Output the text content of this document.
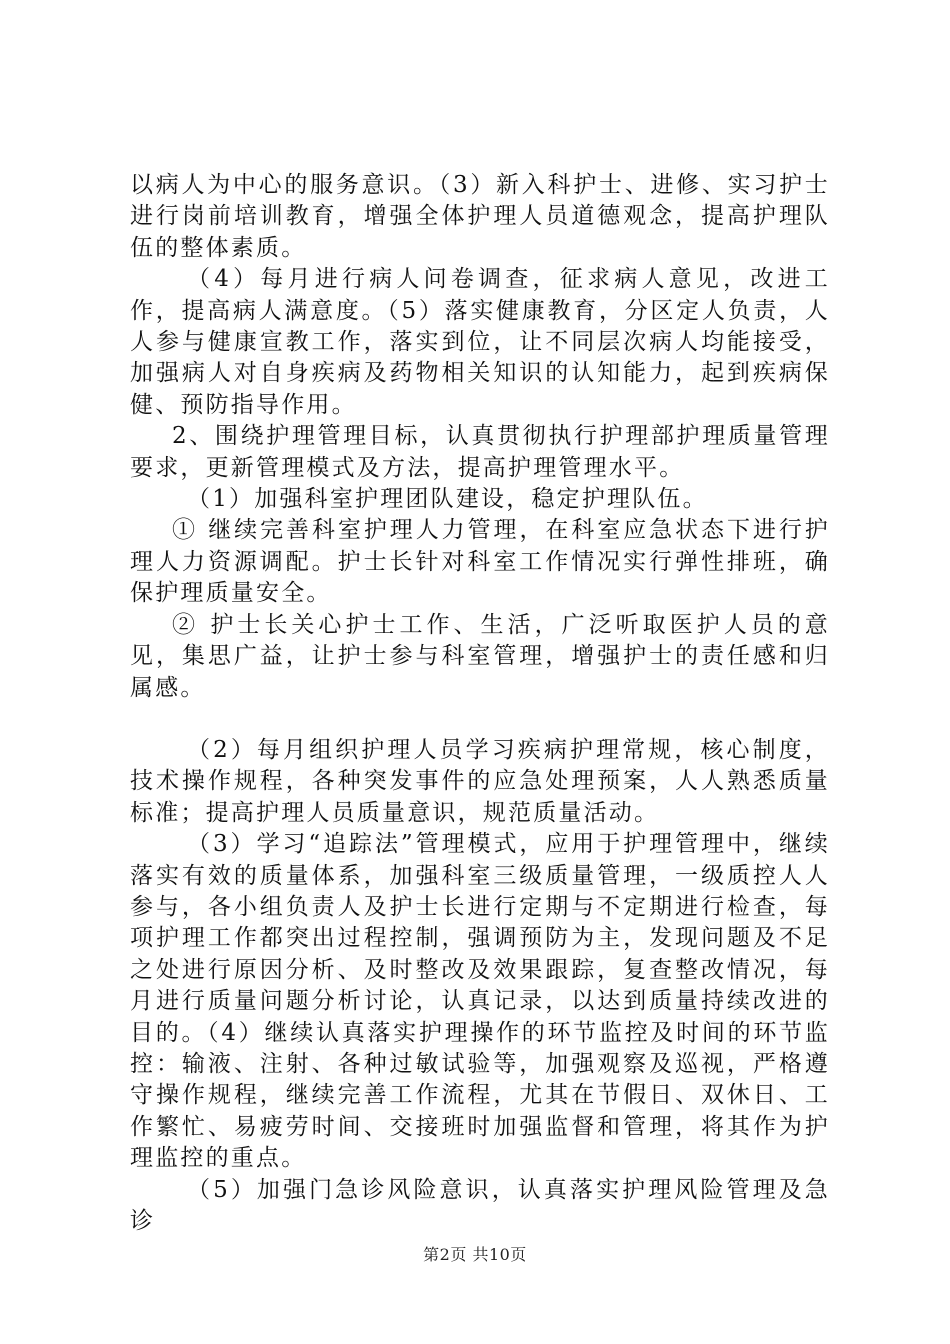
以病人为中心的服务意识。（3）新入科护士、进修、实习护士进行岗前培训教育，增强全体护理人员道德观念，提高护理队伍的整体素质。

（4）每月进行病人问卷调查，征求病人意见，改进工作，提高病人满意度。（5）落实健康教育，分区定人负责，人人参与健康宣教工作，落实到位，让不同层次病人均能接受，加强病人对自身疾病及药物相关知识的认知能力，起到疾病保健、预防指导作用。

2、围绕护理管理目标，认真贯彻执行护理部护理质量管理要求，更新管理模式及方法，提高护理管理水平。

（1）加强科室护理团队建设，稳定护理队伍。

① 继续完善科室护理人力管理，在科室应急状态下进行护理人力资源调配。护士长针对科室工作情况实行弹性排班，确保护理质量安全。

② 护士长关心护士工作、生活，广泛听取医护人员的意见，集思广益，让护士参与科室管理，增强护士的责任感和归属感。

（2）每月组织护理人员学习疾病护理常规，核心制度，技术操作规程，各种突发事件的应急处理预案，人人熟悉质量标准；提高护理人员质量意识，规范质量活动。

（3）学习“追踪法”管理模式，应用于护理管理中，继续落实有效的质量体系，加强科室三级质量管理，一级质控人人参与，各小组负责人及护士长进行定期与不定期进行检查，每项护理工作都突出过程控制，强调预防为主，发现问题及不足之处进行原因分析、及时整改及效果跟踪，复查整改情况，每月进行质量问题分析讨论，认真记录，以达到质量持续改进的目的。（4）继续认真落实护理操作的环节监控及时间的环节监控：输液、注射、各种过敏试验等，加强观察及巡视，严格遵守操作规程，继续完善工作流程，尤其在节假日、双休日、工作繁忙、易疲劳时间、交接班时加强监督和管理，将其作为护理监控的重点。

（5）加强门急诊风险意识，认真落实护理风险管理及急诊

第2页 共10页
